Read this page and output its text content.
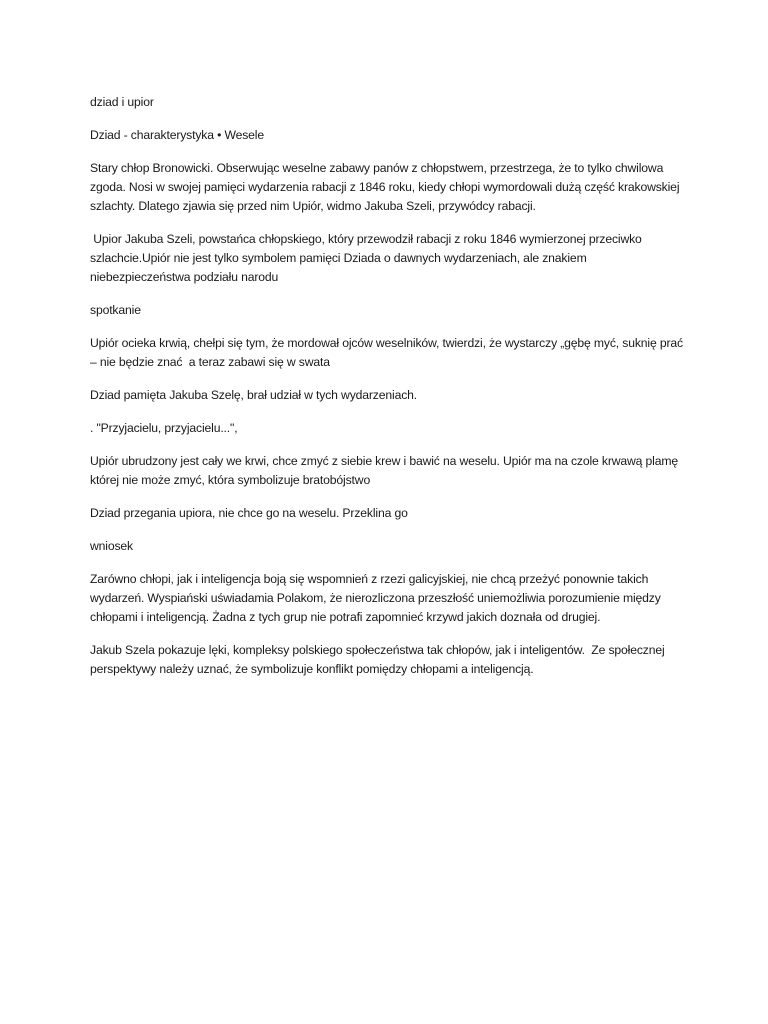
dziad i upior

Dziad - charakterystyka • Wesele

Stary chłop Bronowicki. Obserwując weselne zabawy panów z chłopstwem, przestrzega, że to tylko chwilowa zgoda. Nosi w swojej pamięci wydarzenia rabacji z 1846 roku, kiedy chłopi wymordowali dużą część krakowskiej szlachty. Dlatego zjawia się przed nim Upiór, widmo Jakuba Szeli, przywódcy rabacji.

Upior Jakuba Szeli, powstańca chłopskiego, który przewodził rabacji z roku 1846 wymierzonej przeciwko szlachcie.Upiór nie jest tylko symbolem pamięci Dziada o dawnych wydarzeniach, ale znakiem niebezpieczeństwa podziału narodu

spotkanie

Upiór ocieka krwią, chełpi się tym, że mordował ojców weselników, twierdzi, że wystarczy „gębę myć, suknię prać – nie będzie znać  a teraz zabawi się w swata

Dziad pamięta Jakuba Szelę, brał udział w tych wydarzeniach.

. "Przyjacielu, przyjacielu...",

Upiór ubrudzony jest cały we krwi, chce zmyć z siebie krew i bawić na weselu. Upiór ma na czole krwawą plamę której nie może zmyć, która symbolizuje bratobójstwo

Dziad przegania upiora, nie chce go na weselu. Przeklina go

wniosek

Zarówno chłopi, jak i inteligencja boją się wspomnień z rzezi galicyjskiej, nie chcą przeżyć ponownie takich wydarzeń. Wyspiański uświadamia Polakom, że nierozliczona przeszłość uniemożliwia porozumienie między chłopami i inteligencją. Żadna z tych grup nie potrafi zapomnieć krzywd jakich doznała od drugiej.

Jakub Szela pokazuje lęki, kompleksy polskiego społeczeństwa tak chłopów, jak i inteligentów.  Ze społecznej perspektywy należy uznać, że symbolizuje konflikt pomiędzy chłopami a inteligencją.
